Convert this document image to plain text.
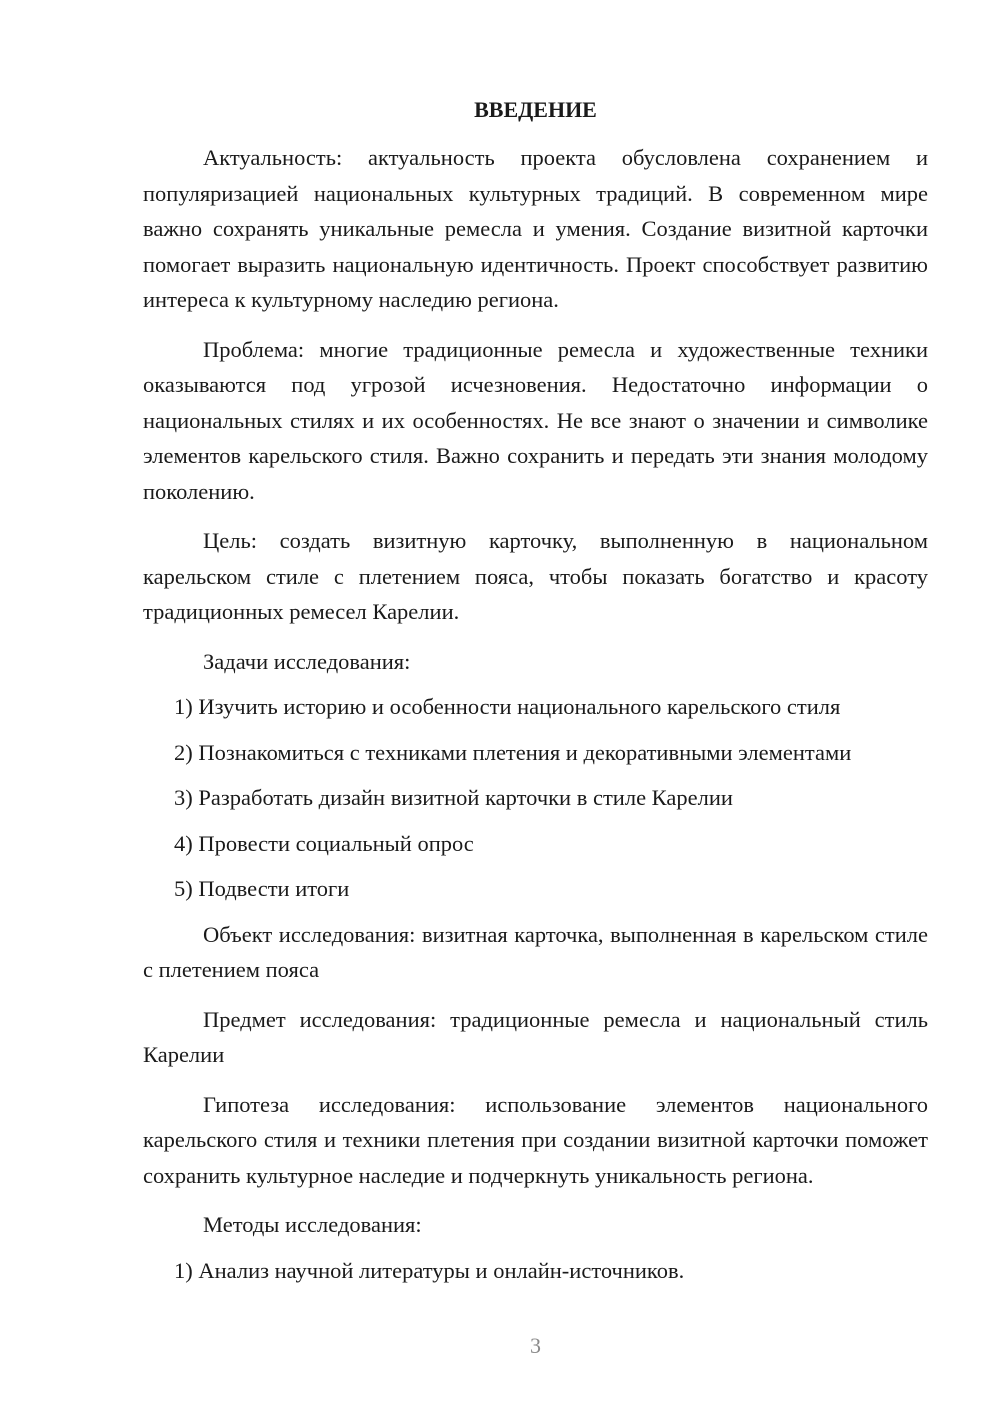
ВВЕДЕНИЕ

Актуальность: актуальность проекта обусловлена сохранением и популяризацией национальных культурных традиций. В современном мире важно сохранять уникальные ремесла и умения. Создание визитной карточки помогает выразить национальную идентичность. Проект способствует развитию интереса к культурному наследию региона.

Проблема: многие традиционные ремесла и художественные техники оказываются под угрозой исчезновения. Недостаточно информации о национальных стилях и их особенностях. Не все знают о значении и символике элементов карельского стиля. Важно сохранить и передать эти знания молодому поколению.

Цель: создать визитную карточку, выполненную в национальном карельском стиле с плетением пояса, чтобы показать богатство и красоту традиционных ремесел Карелии.

Задачи исследования:

1) Изучить историю и особенности национального карельского стиля

2) Познакомиться с техниками плетения и декоративными элементами

3) Разработать дизайн визитной карточки в стиле Карелии

4) Провести социальный опрос

5) Подвести итоги

Объект исследования: визитная карточка, выполненная в карельском стиле с плетением пояса

Предмет исследования: традиционные ремесла и национальный стиль Карелии

Гипотеза исследования: использование элементов национального карельского стиля и техники плетения при создании визитной карточки поможет сохранить культурное наследие и подчеркнуть уникальность региона.

Методы исследования:

1) Анализ научной литературы и онлайн-источников.

3
